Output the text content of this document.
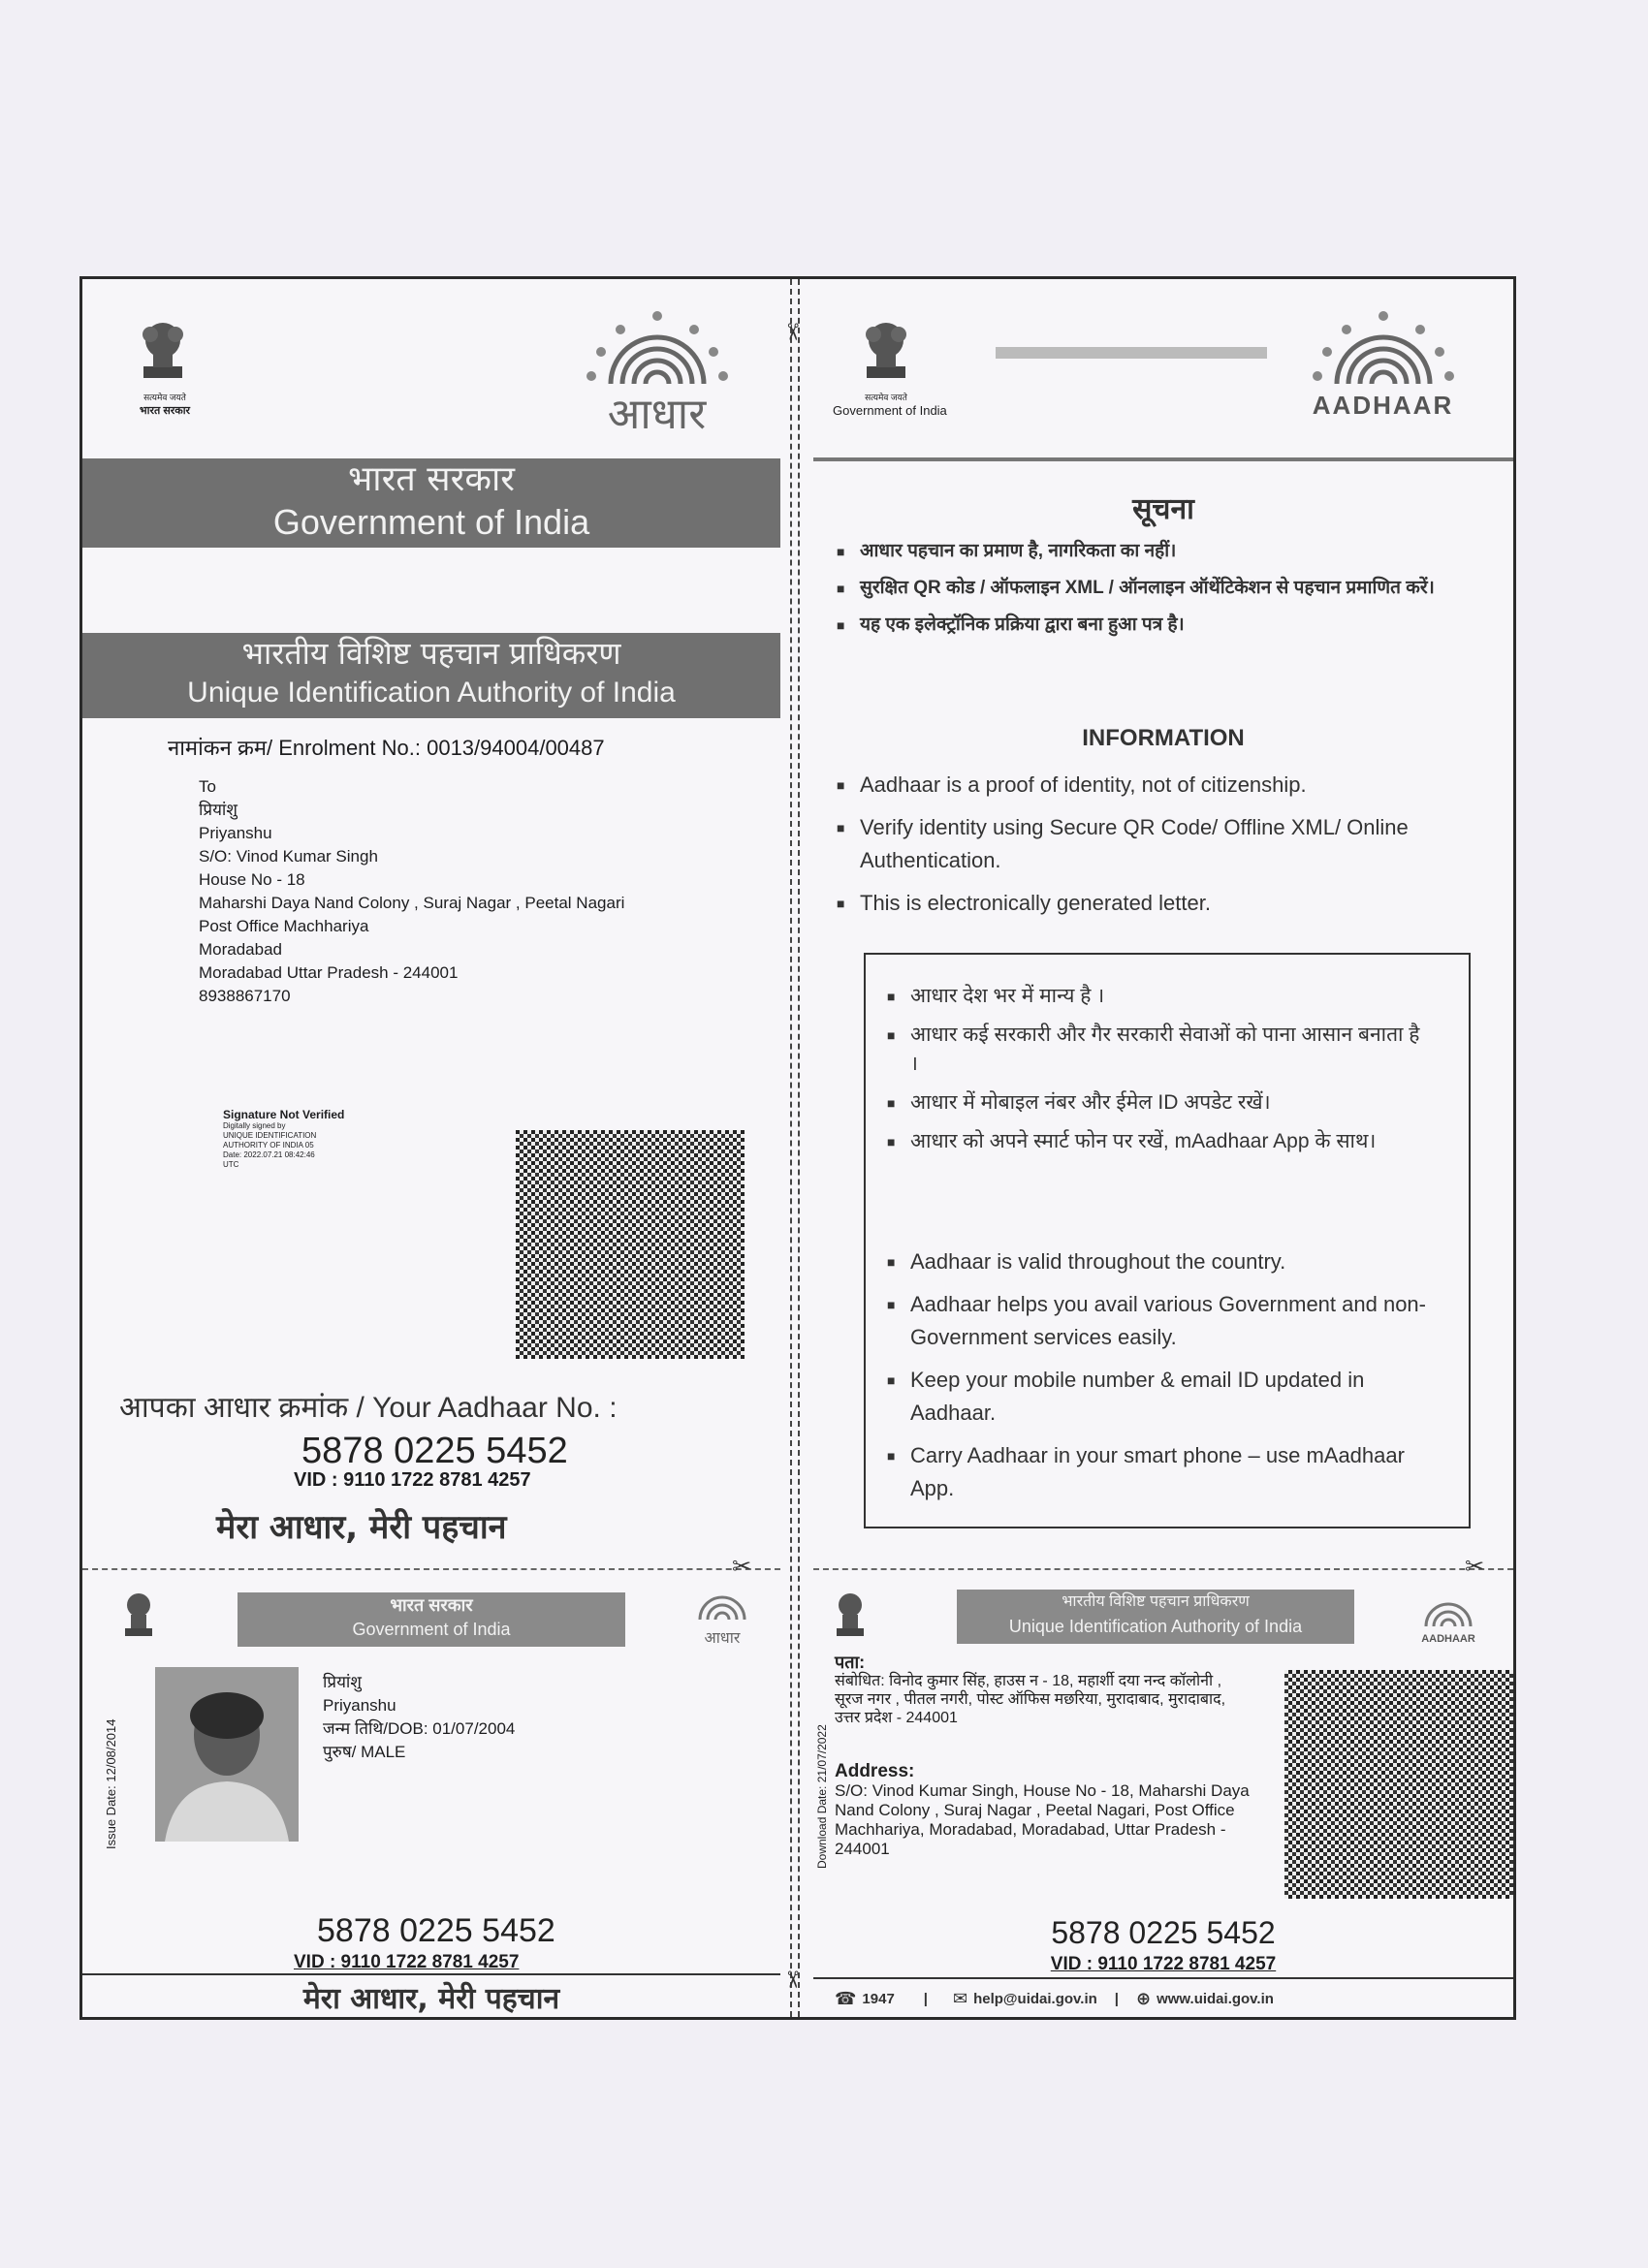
सत्यमेव जयते
भारत सरकार	आधार
भारत सरकार
Government of India
भारतीय विशिष्ट पहचान प्राधिकरण
Unique Identification Authority of India
नामांकन क्रम/ Enrolment No.: 0013/94004/00487
To
प्रियांशु
Priyanshu
S/O: Vinod Kumar Singh
House No - 18
Maharshi Daya Nand Colony , Suraj Nagar , Peetal Nagari
Post Office Machhariya
Moradabad
Moradabad Uttar Pradesh - 244001
8938867170
Signature Not Verified
Digitally signed by
UNIQUE IDENTIFICATION
AUTHORITY OF INDIA 05
Date: 2022.07.21 08:42:46
UTC
आपका आधार क्रमांक / Your Aadhaar No. :
5878 0225 5452
VID : 9110 1722 8781 4257
मेरा आधार, मेरी पहचान
✂
भारत सरकार
Government of India	आधार
Issue Date: 12/08/2014
प्रियांशु
Priyanshu
जन्म तिथि/DOB: 01/07/2004
पुरुष/ MALE
5878 0225 5452
VID : 9110 1722 8781 4257
मेरा आधार, मेरी पहचान
✂
✂
सत्यमेव जयते
Government of India	AADHAAR
सूचना
■ आधार पहचान का प्रमाण है, नागरिकता का नहीं।
■ सुरक्षित QR कोड / ऑफलाइन XML / ऑनलाइन ऑथेंटिकेशन से पहचान प्रमाणित करें।
■ यह एक इलेक्ट्रॉनिक प्रक्रिया द्वारा बना हुआ पत्र है।
INFORMATION
■ Aadhaar is a proof of identity, not of citizenship.
■ Verify identity using Secure QR Code/ Offline XML/ Online Authentication.
■ This is electronically generated letter.
■ आधार देश भर में मान्य है ।
■ आधार कई सरकारी और गैर सरकारी सेवाओं को पाना आसान बनाता है ।
■ आधार में मोबाइल नंबर और ईमेल ID अपडेट रखें।
■ आधार को अपने स्मार्ट फोन पर रखें, mAadhaar App के साथ।
■ Aadhaar is valid throughout the country.
■ Aadhaar helps you avail various Government and non-Government services easily.
■ Keep your mobile number & email ID updated in Aadhaar.
■ Carry Aadhaar in your smart phone – use mAadhaar App.
✂
भारतीय विशिष्ट पहचान प्राधिकरण
Unique Identification Authority of India
AADHAAR
Download Date: 21/07/2022
पता:
संबोधित: विनोद कुमार सिंह, हाउस न - 18, महार्शी दया नन्द कॉलोनी , सूरज नगर , पीतल नगरी, पोस्ट ऑफिस मछरिया, मुरादाबाद, मुरादाबाद, उत्तर प्रदेश - 244001
Address:
S/O: Vinod Kumar Singh, House No - 18, Maharshi Daya Nand Colony , Suraj Nagar , Peetal Nagari, Post Office Machhariya, Moradabad, Moradabad, Uttar Pradesh - 244001
5878 0225 5452
VID : 9110 1722 8781 4257
☎ 1947 | ✉ help@uidai.gov.in | ⊕ www.uidai.gov.in
